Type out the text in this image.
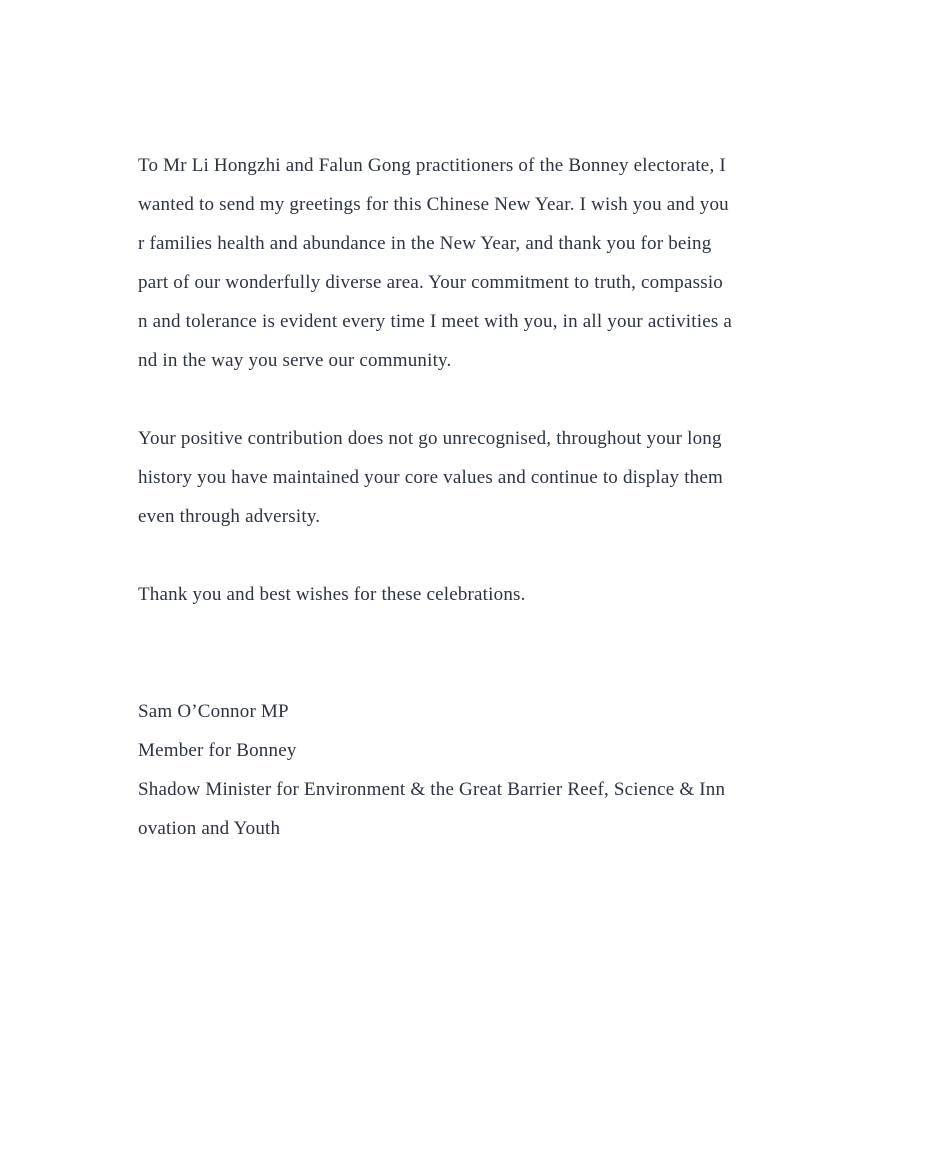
To Mr Li Hongzhi and Falun Gong practitioners of the Bonney electorate, I
wanted to send my greetings for this Chinese New Year. I wish you and you
r families health and abundance in the New Year, and thank you for being
part of our wonderfully diverse area. Your commitment to truth, compassio
n and tolerance is evident every time I meet with you, in all your activities a
nd in the way you serve our community.
Your positive contribution does not go unrecognised, throughout your long
history you have maintained your core values and continue to display them
even through adversity.
Thank you and best wishes for these celebrations.
Sam O’Connor MP
Member for Bonney
Shadow Minister for Environment & the Great Barrier Reef, Science & Inn
ovation and Youth
